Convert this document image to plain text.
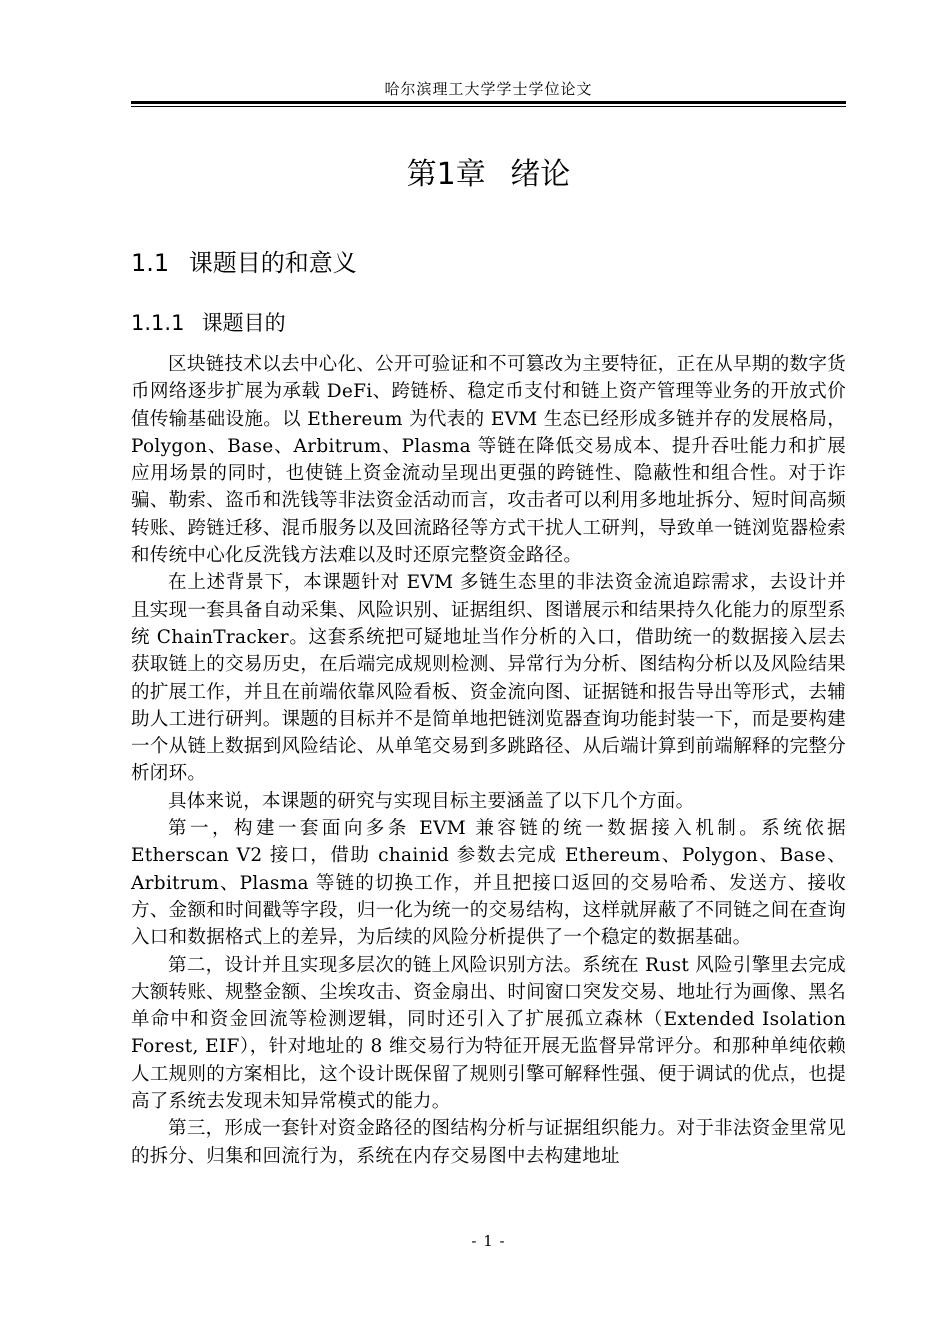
哈尔滨理工大学学士学位论文
第1章 绪论
1.1 课题目的和意义
1.1.1 课题目的

区块链技术以去中心化、公开可验证和不可篡改为主要特征，正在从早期的数字货币网络逐步扩展为承载 DeFi、跨链桥、稳定币支付和链上资产管理等业务的开放式价值传输基础设施。以 Ethereum 为代表的 EVM 生态已经形成多链并存的发展格局，Polygon、Base、Arbitrum、Plasma 等链在降低交易成本、提升吞吐能力和扩展应用场景的同时，也使链上资金流动呈现出更强的跨链性、隐蔽性和组合性。对于诈骗、勒索、盗币和洗钱等非法资金活动而言，攻击者可以利用多地址拆分、短时间高频转账、跨链迁移、混币服务以及回流路径等方式干扰人工研判，导致单一链浏览器检索和传统中心化反洗钱方法难以及时还原完整资金路径。

在上述背景下，本课题针对 EVM 多链生态里的非法资金流追踪需求，去设计并且实现一套具备自动采集、风险识别、证据组织、图谱展示和结果持久化能力的原型系统 ChainTracker。这套系统把可疑地址当作分析的入口，借助统一的数据接入层去获取链上的交易历史，在后端完成规则检测、异常行为分析、图结构分析以及风险结果的扩展工作，并且在前端依靠风险看板、资金流向图、证据链和报告导出等形式，去辅助人工进行研判。课题的目标并不是简单地把链浏览器查询功能封装一下，而是要构建一个从链上数据到风险结论、从单笔交易到多跳路径、从后端计算到前端解释的完整分析闭环。

具体来说，本课题的研究与实现目标主要涵盖了以下几个方面。

第一，构建一套面向多条 EVM 兼容链的统一数据接入机制。系统依据 Etherscan V2 接口，借助 chainid 参数去完成 Ethereum、Polygon、Base、Arbitrum、Plasma 等链的切换工作，并且把接口返回的交易哈希、发送方、接收方、金额和时间戳等字段，归一化为统一的交易结构，这样就屏蔽了不同链之间在查询入口和数据格式上的差异，为后续的风险分析提供了一个稳定的数据基础。

第二，设计并且实现多层次的链上风险识别方法。系统在 Rust 风险引擎里去完成大额转账、规整金额、尘埃攻击、资金扇出、时间窗口突发交易、地址行为画像、黑名单命中和资金回流等检测逻辑，同时还引入了扩展孤立森林（Extended Isolation Forest, EIF），针对地址的 8 维交易行为特征开展无监督异常评分。和那种单纯依赖人工规则的方案相比，这个设计既保留了规则引擎可解释性强、便于调试的优点，也提高了系统去发现未知异常模式的能力。

第三，形成一套针对资金路径的图结构分析与证据组织能力。对于非法资金里常见的拆分、归集和回流行为，系统在内存交易图中去构建地址

- 1 -
